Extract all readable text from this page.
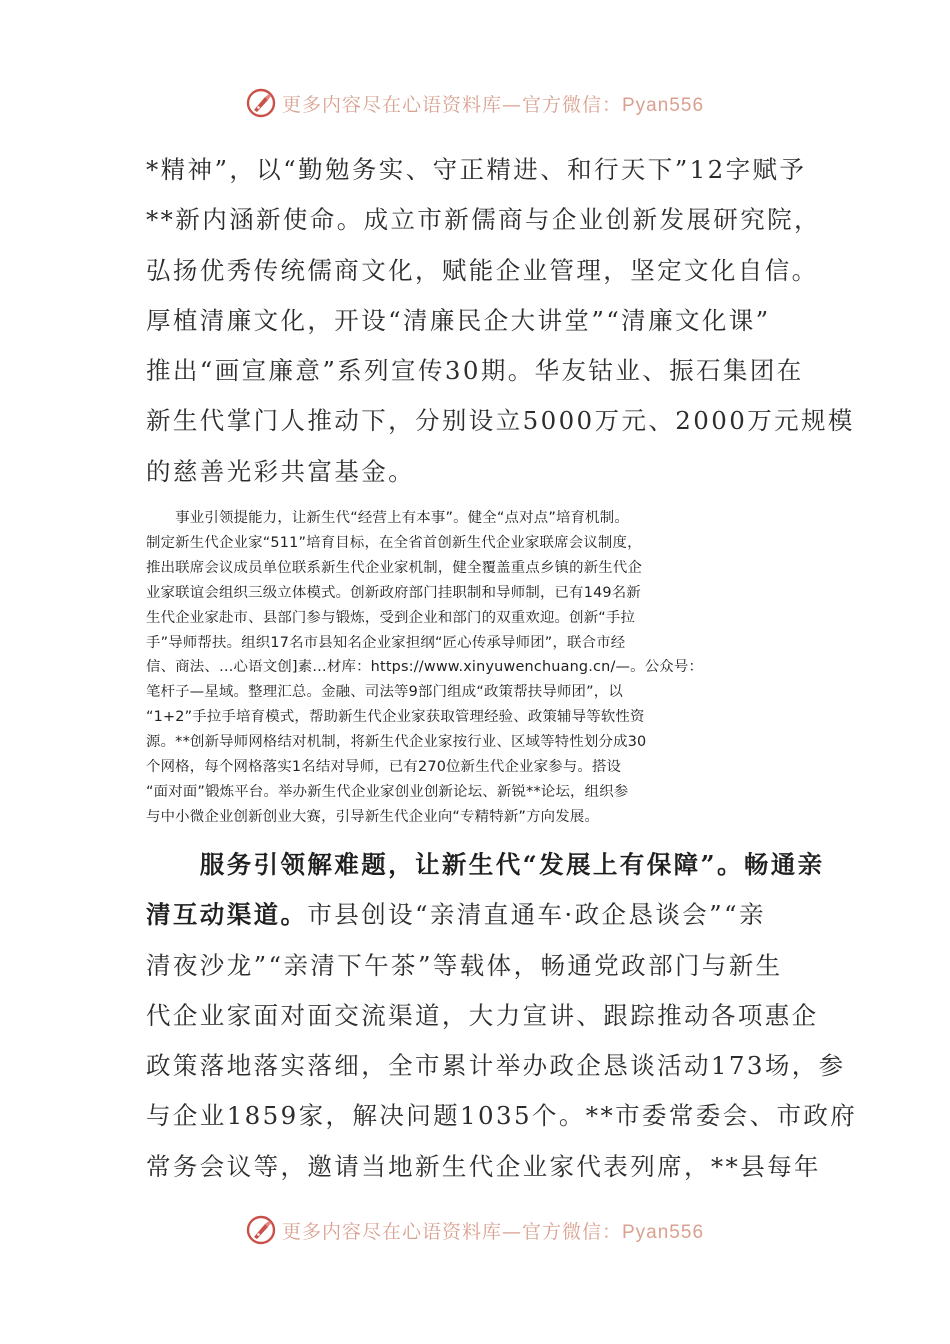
更多内容尽在心语资料库—官方微信：Pyan556
*精神”，以“勤勉务实、守正精进、和行天下”12字赋予
**新内涵新使命。成立市新儒商与企业创新发展研究院，
弘扬优秀传统儒商文化，赋能企业管理，坚定文化自信。
厚植清廉文化，开设“清廉民企大讲堂”“清廉文化课”
推出“画宣廉意”系列宣传30期。华友钴业、振石集团在
新生代掌门人推动下，分别设立5000万元、2000万元规模
的慈善光彩共富基金。
　　事业引领提能力，让新生代“经营上有本事”。健全“点对点”培育机制。
制定新生代企业家“511”培育目标，在全省首创新生代企业家联席会议制度，
推出联席会议成员单位联系新生代企业家机制，健全覆盖重点乡镇的新生代企
业家联谊会组织三级立体模式。创新政府部门挂职制和导师制，已有149名新
生代企业家赴市、县部门参与锻炼，受到企业和部门的双重欢迎。创新“手拉
手”导师帮扶。组织17名市县知名企业家担纲“匠心传承导师团”，联合市经
信、商法、…心语文创]素…材库：https://www.xinyuwenchuang.cn/—。公众号：
笔杆子—星域。整理汇总。金融、司法等9部门组成“政策帮扶导师团”，以
“1+2”手拉手培育模式，帮助新生代企业家获取管理经验、政策辅导等软性资
源。**创新导师网格结对机制，将新生代企业家按行业、区域等特性划分成30
个网格，每个网格落实1名结对导师，已有270位新生代企业家参与。搭设
“面对面”锻炼平台。举办新生代企业家创业创新论坛、新锐**论坛，组织参
与中小微企业创新创业大赛，引导新生代企业向“专精特新”方向发展。
　　服务引领解难题，让新生代“发展上有保障”。畅通亲
清互动渠道。市县创设“亲清直通车·政企恳谈会”“亲
清夜沙龙”“亲清下午茶”等载体，畅通党政部门与新生
代企业家面对面交流渠道，大力宣讲、跟踪推动各项惠企
政策落地落实落细，全市累计举办政企恳谈活动173场，参
与企业1859家，解决问题1035个。**市委常委会、市政府
常务会议等，邀请当地新生代企业家代表列席，**县每年
更多内容尽在心语资料库—官方微信：Pyan556
